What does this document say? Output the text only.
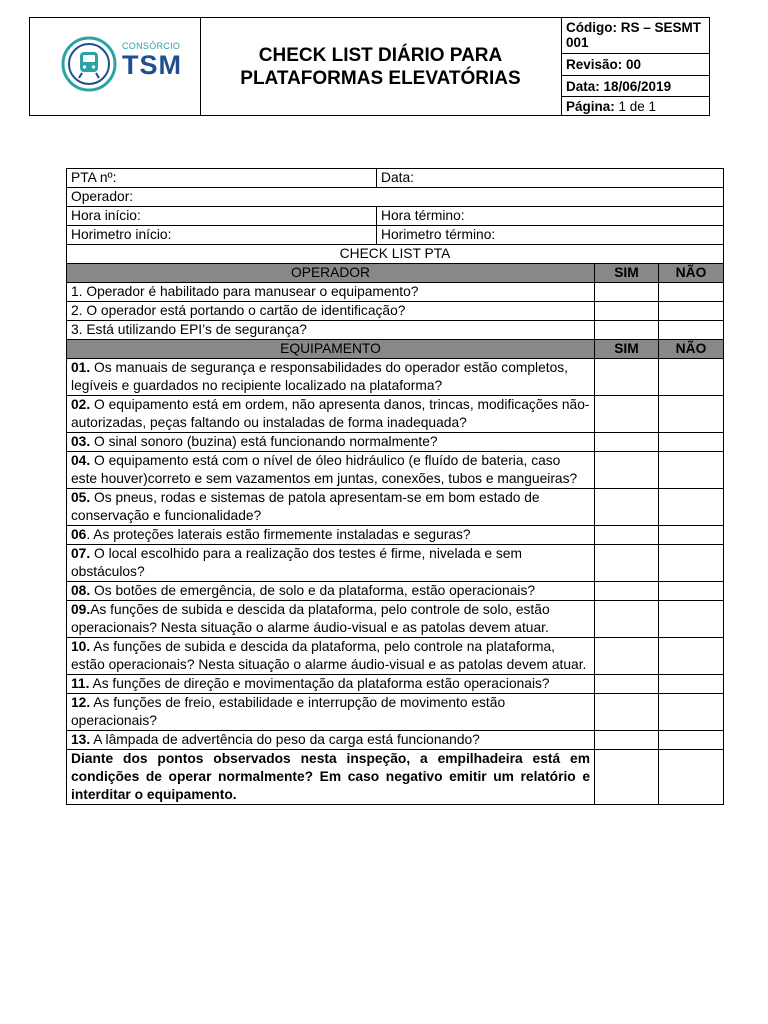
CONSÓRCIO
TSM	CHECK LIST DIÁRIO PARA
PLATAFORMAS ELEVATÓRIAS
Código: RS – SESMT 001
Revisão: 00
Data: 18/06/2019
Página: 1 de 1
PTA nº:	Data:		
Operador:			
Hora início:	Hora término:		
Horimetro início:	Horimetro término:		
CHECK LIST PTA			
OPERADOR		SIM	NÃO
1. Operador é habilitado para manusear o equipamento?			
2. O operador está portando o cartão de identificação?			
3. Está utilizando EPI’s de segurança?			
EQUIPAMENTO		SIM	NÃO
01. Os manuais de segurança e responsabilidades do operador estão completos, legíveis e guardados no recipiente localizado na plataforma?			
02. O equipamento está em ordem, não apresenta danos, trincas, modificações não-autorizadas, peças faltando ou instaladas de forma inadequada?			
03. O sinal sonoro (buzina) está funcionando normalmente?			
04. O equipamento está com o nível de óleo hidráulico (e fluído de bateria, caso este houver)correto e sem vazamentos em juntas, conexões, tubos e mangueiras?			
05. Os pneus, rodas e sistemas de patola apresentam-se em bom estado de conservação e funcionalidade?			
06. As proteções laterais estão firmemente instaladas e seguras?			
07. O local escolhido para a realização dos testes é firme, nivelada e sem obstáculos?			
08. Os botões de emergência, de solo e da plataforma, estão operacionais?			
09.As funções de subida e descida da plataforma, pelo controle de solo, estão operacionais? Nesta situação o alarme áudio-visual e as patolas devem atuar.			
10. As funções de subida e descida da plataforma, pelo controle na plataforma, estão operacionais? Nesta situação o alarme áudio-visual e as patolas devem atuar.			
11. As funções de direção e movimentação da plataforma estão operacionais?			
12. As funções de freio, estabilidade e interrupção de movimento estão operacionais?			
13. A lâmpada de advertência do peso da carga está funcionando?			
Diante dos pontos observados nesta inspeção, a empilhadeira está em condições de operar normalmente? Em caso negativo emitir um relatório e interditar o equipamento.			
